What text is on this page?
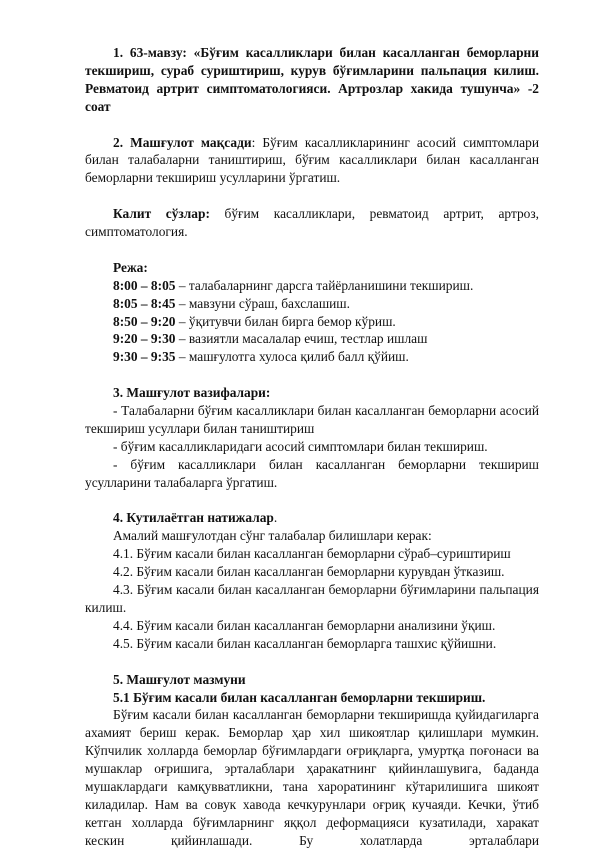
1. 63-мавзу: «Бўғим касалликлари билан касалланган беморларни текшириш, сураб суриштириш, курув бўғимларини пальпация килиш. Ревматоид артрит симптоматологияси. Артрозлар хакида тушунча» -2 соат

2. Машғулот мақсади: Бўғим касалликларининг асосий симптомлари билан талабаларни таништириш, бўғим касалликлари билан касалланган беморларни текшириш усулларини ўргатиш.

Калит сўзлар: бўғим касалликлари, ревматоид артрит, артроз, симптоматология.

Режа:

8:00 – 8:05 – талабаларнинг дарсга тайёрланишини текшириш.

8:05 – 8:45 – мавзуни сўраш, бахслашиш.

8:50 – 9:20 – ўқитувчи билан бирга бемор кўриш.

9:20 – 9:30 – вазиятли масалалар ечиш, тестлар ишлаш

9:30 – 9:35 – машғулотга хулоса қилиб балл қўйиш.

3. Машғулот вазифалари:

- Талабаларни бўғим касалликлари билан касалланган беморларни асосий текшириш усуллари билан таништириш

- бўғим касалликларидаги асосий симптомлари билан текшириш.

- бўғим касалликлари билан касалланган беморларни текшириш усулларини талабаларга ўргатиш.

4. Кутилаётган натижалар.

Амалий машғулотдан сўнг талабалар билишлари керак:

4.1. Бўғим касали билан касалланган беморларни сўраб–суриштириш

4.2. Бўғим касали билан касалланган беморларни курувдан ўтказиш.

4.3. Бўғим касали билан касалланган беморларни бўғимларини пальпация килиш.

4.4. Бўғим касали билан касалланган беморларни анализини ўқиш.

4.5. Бўғим касали билан касалланган беморларга ташхис қўйишни.

5. Машғулот мазмуни

5.1 Бўғим касали билан касалланган беморларни текшириш.

Бўғим касали билан касалланган беморларни текширишда қуйидагиларга ахамият бериш керак. Беморлар ҳар хил шикоятлар қилишлари мумкин. Кўпчилик холларда беморлар бўғимлардаги оғриқларга, умуртқа поғонаси ва мушаклар оғришига, эрталаблари ҳаракатнинг қийинлашувига, баданда мушаклардаги камқувватликни, тана хароратининг кўтарилишига шикоят киладилар. Нам ва совук хавода кечкурунлари оғриқ кучаяди. Кечки, ўтиб кетган холларда бўғимларнинг яққол деформацияси кузатилади, харакат кескин қийинлашади. Бу холатларда эрталаблари
